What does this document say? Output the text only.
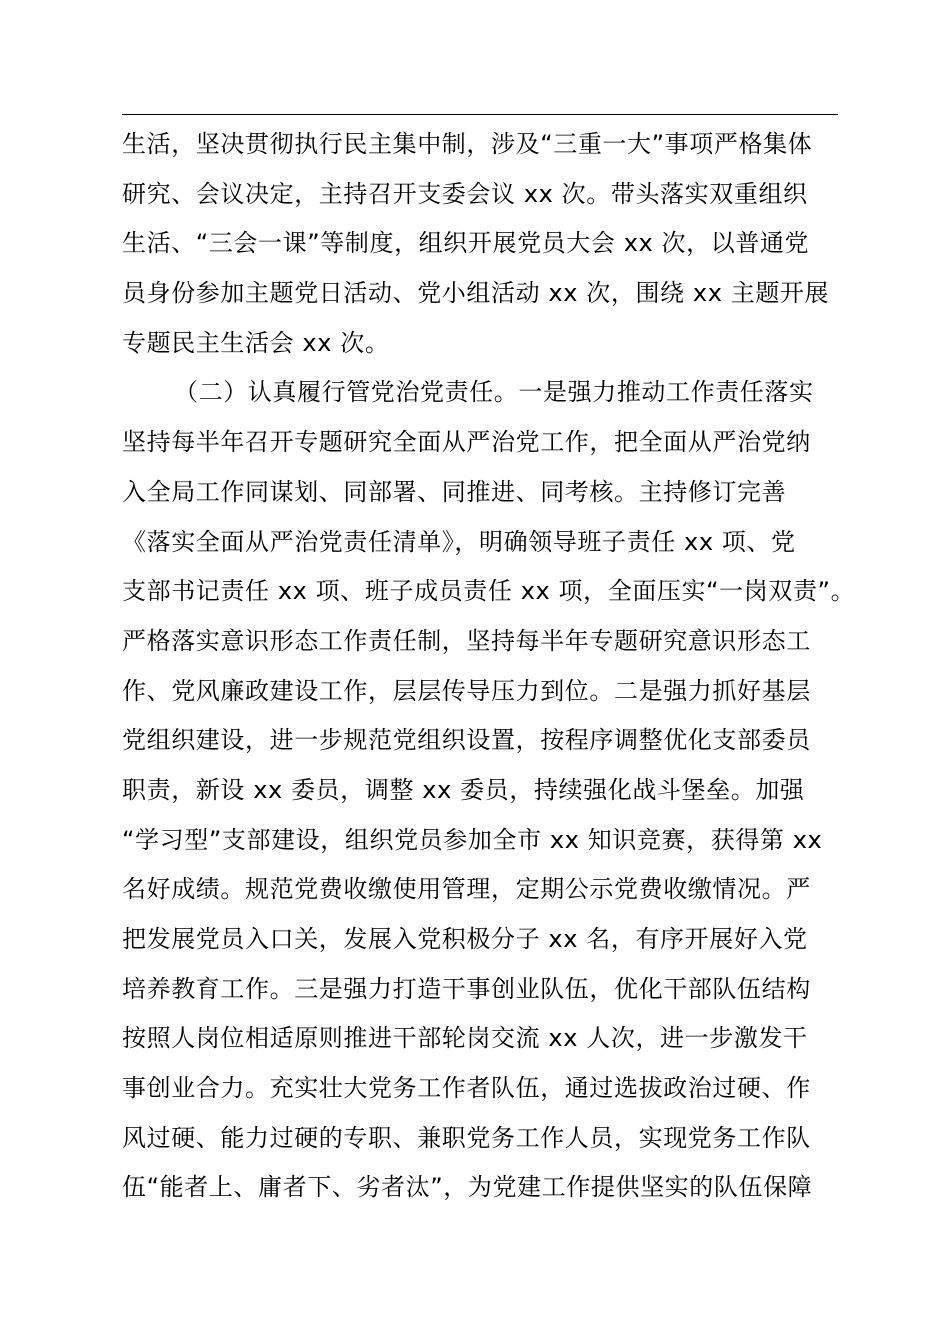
生活，坚决贯彻执行民主集中制，涉及“三重一大”事项严格集体
研究、会议决定，主持召开支委会议 xx 次。带头落实双重组织
生活、“三会一课”等制度，组织开展党员大会 xx 次，以普通党
员身份参加主题党日活动、党小组活动 xx 次，围绕 xx 主题开展
专题民主生活会 xx 次。
（二）认真履行管党治党责任。一是强力推动工作责任落实
坚持每半年召开专题研究全面从严治党工作，把全面从严治党纳
入全局工作同谋划、同部署、同推进、同考核。主持修订完善
《落实全面从严治党责任清单》，明确领导班子责任 xx 项、党
支部书记责任 xx 项、班子成员责任 xx 项，全面压实“一岗双责”。
严格落实意识形态工作责任制，坚持每半年专题研究意识形态工
作、党风廉政建设工作，层层传导压力到位。二是强力抓好基层
党组织建设，进一步规范党组织设置，按程序调整优化支部委员
职责，新设 xx 委员，调整 xx 委员，持续强化战斗堡垒。加强
“学习型”支部建设，组织党员参加全市 xx 知识竞赛，获得第 xx
名好成绩。规范党费收缴使用管理，定期公示党费收缴情况。严
把发展党员入口关，发展入党积极分子 xx 名，有序开展好入党
培养教育工作。三是强力打造干事创业队伍，优化干部队伍结构
按照人岗位相适原则推进干部轮岗交流 xx 人次，进一步激发干
事创业合力。充实壮大党务工作者队伍，通过选拔政治过硬、作
风过硬、能力过硬的专职、兼职党务工作人员，实现党务工作队
伍“能者上、庸者下、劣者汰”，为党建工作提供坚实的队伍保障
